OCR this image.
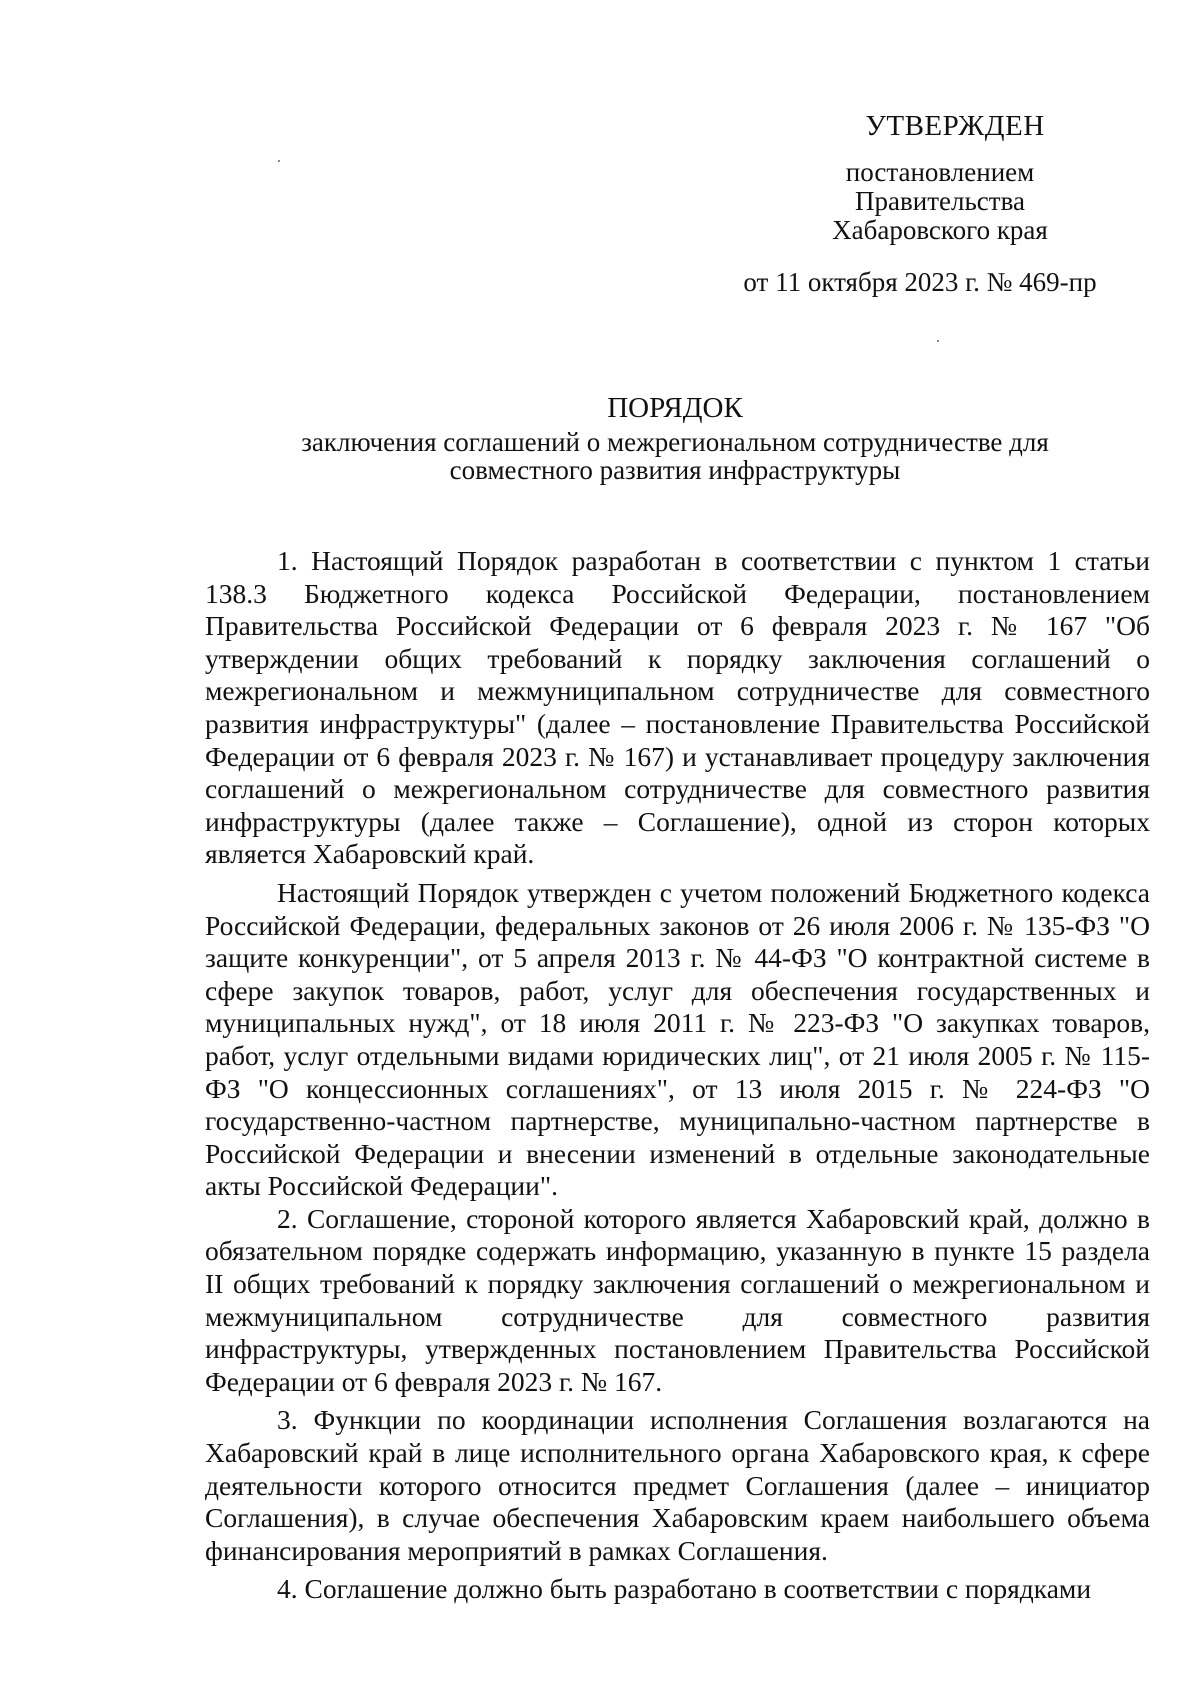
УТВЕРЖДЕН
постановлением
Правительства
Хабаровского края
от 11 октября 2023 г. № 469-пр
ПОРЯДОК
заключения соглашений о межрегиональном сотрудничестве для
совместного развития инфраструктуры

1. Настоящий Порядок разработан в соответствии с пунктом 1 статьи 138.3 Бюджетного кодекса Российской Федерации, постановлением Правительства Российской Федерации от 6 февраля 2023 г. № 167 "Об утверждении общих требований к порядку заключения соглашений о межрегиональном и межмуниципальном сотрудничестве для совместного развития инфраструктуры" (далее – постановление Правительства Российской Федерации от 6 февраля 2023 г. № 167) и устанавливает процедуру заключения соглашений о межрегиональном сотрудничестве для совместного развития инфраструктуры (далее также – Соглашение), одной из сторон которых является Хабаровский край.

Настоящий Порядок утвержден с учетом положений Бюджетного кодекса Российской Федерации, федеральных законов от 26 июля 2006 г. № 135-ФЗ "О защите конкуренции", от 5 апреля 2013 г. № 44-ФЗ "О контрактной системе в сфере закупок товаров, работ, услуг для обеспечения государственных и муниципальных нужд", от 18 июля 2011 г. № 223-ФЗ "О закупках товаров, работ, услуг отдельными видами юридических лиц", от 21 июля 2005 г. № 115-ФЗ "О концессионных соглашениях", от 13 июля 2015 г. № 224-ФЗ "О государственно-частном партнерстве, муниципально-частном партнерстве в Российской Федерации и внесении изменений в отдельные законодательные акты Российской Федерации".

2. Соглашение, стороной которого является Хабаровский край, должно в обязательном порядке содержать информацию, указанную в пункте 15 раздела II общих требований к порядку заключения соглашений о межрегиональном и межмуниципальном сотрудничестве для совместного развития инфраструктуры, утвержденных постановлением Правительства Российской Федерации от 6 февраля 2023 г. № 167.

3. Функции по координации исполнения Соглашения возлагаются на Хабаровский край в лице исполнительного органа Хабаровского края, к сфере деятельности которого относится предмет Соглашения (далее – инициатор Соглашения), в случае обеспечения Хабаровским краем наибольшего объема финансирования мероприятий в рамках Соглашения.

4. Соглашение должно быть разработано в соответствии с порядками
